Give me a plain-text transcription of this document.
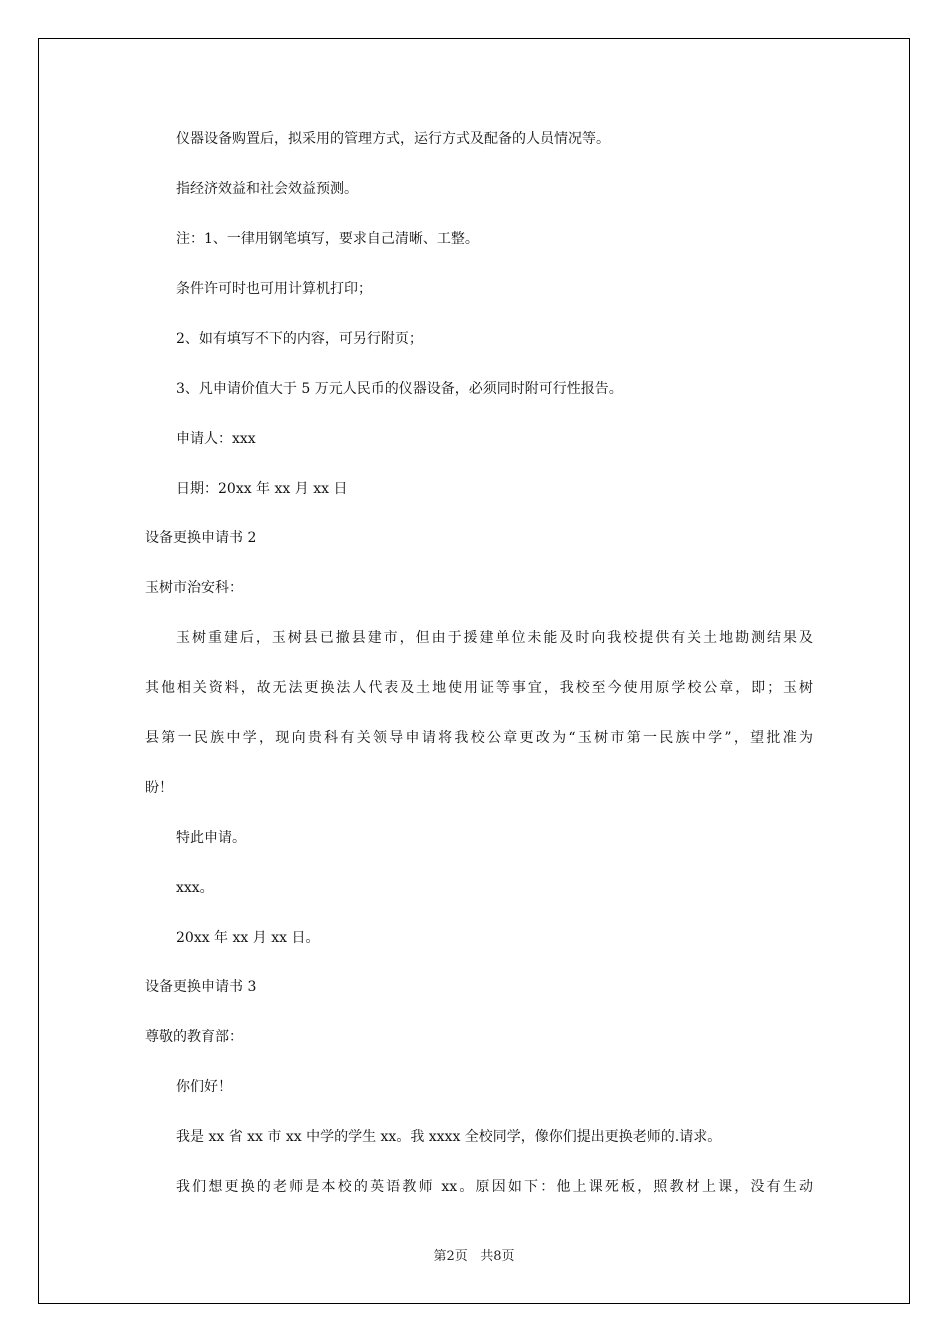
仪器设备购置后，拟采用的管理方式，运行方式及配备的人员情况等。
指经济效益和社会效益预测。
注：1、一律用钢笔填写，要求自己清晰、工整。
条件许可时也可用计算机打印；
2、如有填写不下的内容，可另行附页；
3、凡申请价值大于 5 万元人民币的仪器设备，必须同时附可行性报告。
申请人：xxx
日期：20xx 年 xx 月 xx 日
设备更换申请书 2
玉树市治安科：
玉树重建后，玉树县已撤县建市，但由于援建单位未能及时向我校提供有关土地勘测结果及
其他相关资料，故无法更换法人代表及土地使用证等事宜，我校至今使用原学校公章，即；玉树
县第一民族中学，现向贵科有关领导申请将我校公章更改为“玉树市第一民族中学”，望批准为
盼！
特此申请。
xxx。
20xx 年 xx 月 xx 日。
设备更换申请书 3
尊敬的教育部：
你们好！
我是 xx 省 xx 市 xx 中学的学生 xx。我 xxxx 全校同学，像你们提出更换老师的.请求。
我们想更换的老师是本校的英语教师 xx。原因如下：他上课死板，照教材上课，没有生动
第2页 共8页
